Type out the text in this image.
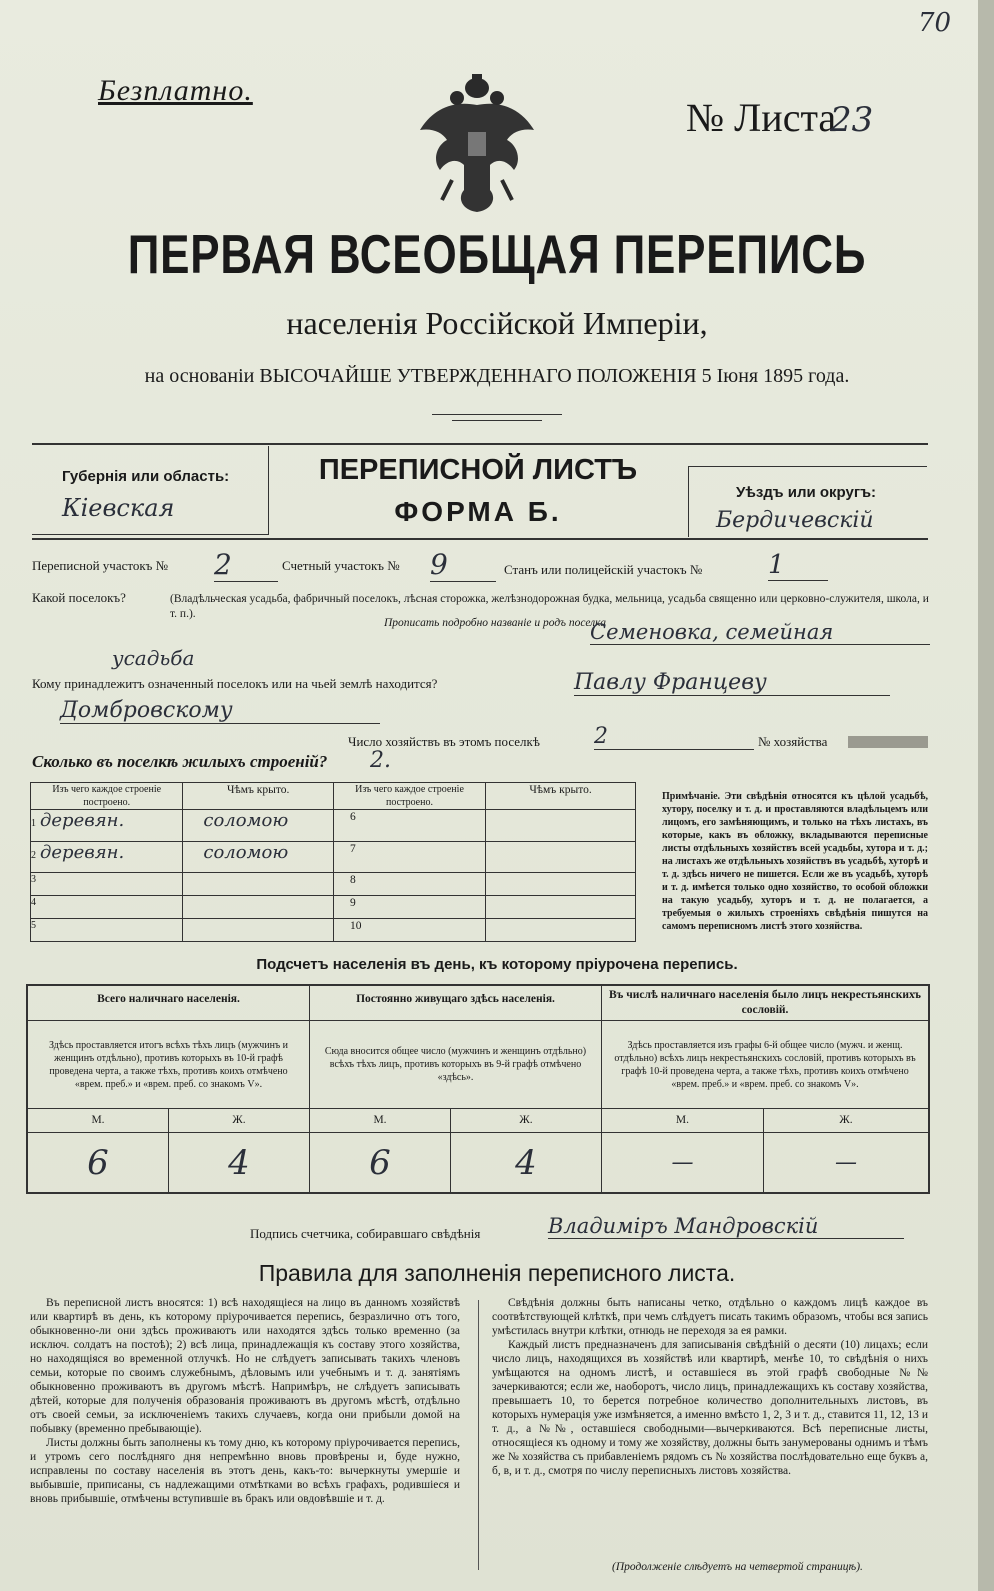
70
Безплатно.
№ Листа
23
ПЕРВАЯ ВСЕОБЩАЯ ПЕРЕПИСЬ
населенія Россійской Имперіи,
на основаніи ВЫСОЧАЙШЕ УТВЕРЖДЕННАГО ПОЛОЖЕНІЯ 5 Іюня 1895 года.
Губернія или область:
Кіевская
ПЕРЕПИСНОЙ ЛИСТЪ
ФОРМА Б.
Уѣздъ или округъ:
Бердичевскій
Переписной участокъ № 2	Счетный участокъ № 9	Станъ или полицейскій участокъ №	1
Какой поселокъ?	(Владѣльческая усадьба, фабричный поселокъ, лѣсная сторожка, желѣзнодорожная будка, мельница, усадьба священно или церковно-служителя, школа, и т. п.).
Прописать подробно названіе и родъ поселка
Семеновка, семейная
усадьба
Кому принадлежитъ означенный поселокъ или на чьей землѣ находится?	Павлу Францеву
Домбровскому
Число хозяйствъ въ этомъ поселкѣ 2	№ хозяйства
Сколько въ поселкѣ жилыхъ строеній? 2.
Изъ чего каждое строеніе построено.	Чѣмъ крыто.	Изъ чего каждое строеніе построено.	Чѣмъ крыто.
1 деревян.	соломою	6	
2 деревян.	соломою	7	
3		8	
4		9	
5		10	
Примѣчаніе. Эти свѣдѣнія относятся къ цѣлой усадьбѣ, хутору, поселку и т. д. и проставляются владѣльцемъ или лицомъ, его замѣняющимъ, и только на тѣхъ листахъ, въ которые, какъ въ обложку, вкладываются переписные листы отдѣльныхъ хозяйствъ всей усадьбы, хутора и т. д.; на листахъ же отдѣльныхъ хозяйствъ въ усадьбѣ, хуторѣ и т. д. здѣсь ничего не пишется. Если же въ усадьбѣ, хуторѣ и т. д. имѣется только одно хозяйство, то особой обложки на такую усадьбу, хуторъ и т. д. не полагается, а требуемыя о жилыхъ строеніяхъ свѣдѣнія пишутся на самомъ переписномъ листѣ этого хозяйства.
Подсчетъ населенія въ день, къ которому пріурочена перепись.
Всего наличнаго населенія.		Постоянно живущаго здѣсь населенія.		Въ числѣ наличнаго населенія было лицъ некрестьянскихъ сословій.	
Здѣсь проставляется итогъ всѣхъ тѣхъ лицъ (мужчинъ и женщинъ отдѣльно), противъ которыхъ въ 10-й графѣ проведена черта, а также тѣхъ, противъ коихъ отмѣчено «врем. преб.» и «врем. преб. со знакомъ V».		Сюда вносится общее число (мужчинъ и женщинъ отдѣльно) всѣхъ тѣхъ лицъ, противъ которыхъ въ 9-й графѣ отмѣчено «здѣсь».		Здѣсь проставляется изъ графы 6-й общее число (мужч. и женщ. отдѣльно) всѣхъ лицъ некрестьянскихъ сословій, противъ которыхъ въ графѣ 10-й проведена черта, а также тѣхъ, противъ коихъ отмѣчено «врем. преб.» и «врем. преб. со знакомъ V».	
М.	Ж.	М.	Ж.	М.	Ж.
6	4	6	4	—	—
Подпись счетчика, собиравшаго свѣдѣнія	Владиміръ Мандровскій
Правила для заполненія переписного листа.

Въ переписной листъ вносятся: 1) всѣ находящіеся на лицо въ данномъ хозяйствѣ или квартирѣ въ день, къ которому пріурочивается перепись, безразлично отъ того, обыкновенно-ли они здѣсь проживаютъ или находятся здѣсь только временно (за исключ. солдатъ на постоѣ); 2) всѣ лица, принадлежащія къ составу этого хозяйства, но находящіяся во временной отлучкѣ. Но не слѣдуетъ записывать такихъ членовъ семьи, которые по своимъ служебнымъ, дѣловымъ или учебнымъ и т. д. занятіямъ обыкновенно проживаютъ въ другомъ мѣстѣ. Напримѣръ, не слѣдуетъ записывать дѣтей, которые для полученія образованія проживаютъ въ другомъ мѣстѣ, отдѣльно отъ своей семьи, за исключеніемъ такихъ случаевъ, когда они прибыли домой на побывку (временно пребывающіе).

Листы должны быть заполнены къ тому дню, къ которому пріурочивается перепись, и утромъ сего послѣдняго дня непремѣнно вновь провѣрены и, буде нужно, исправлены по составу населенія въ этотъ день, какъ-то: вычеркнуты умершіе и выбывшіе, приписаны, съ надлежащими отмѣтками во всѣхъ графахъ, родившіеся и вновь прибывшіе, отмѣчены вступившіе въ бракъ или овдовѣвшіе и т. д.

Свѣдѣнія должны быть написаны четко, отдѣльно о каждомъ лицѣ каждое въ соотвѣтствующей клѣткѣ, при чемъ слѣдуетъ писать такимъ образомъ, чтобы вся запись умѣстилась внутри клѣтки, отнюдь не переходя за ея рамки.

Каждый листъ предназначенъ для записыванія свѣдѣній о десяти (10) лицахъ; если число лицъ, находящихся въ хозяйствѣ или квартирѣ, менѣе 10, то свѣдѣнія о нихъ умѣщаются на одномъ листѣ, и оставшіеся въ этой графѣ свободные №№ зачеркиваются; если же, наоборотъ, число лицъ, принадлежащихъ къ составу хозяйства, превышаетъ 10, то берется потребное количество дополнительныхъ листовъ, въ которыхъ нумерація уже измѣняется, а именно вмѣсто 1, 2, 3 и т. д., ставится 11, 12, 13 и т. д., а №№, оставшіеся свободными—вычеркиваются. Всѣ переписные листы, относящіеся къ одному и тому же хозяйству, должны быть занумерованы однимъ и тѣмъ же № хозяйства съ прибавленіемъ рядомъ съ № хозяйства послѣдовательно еще буквъ а, б, в, и т. д., смотря по числу переписныхъ листовъ хозяйства.

(Продолженіе слѣдуетъ на четвертой страницѣ).
